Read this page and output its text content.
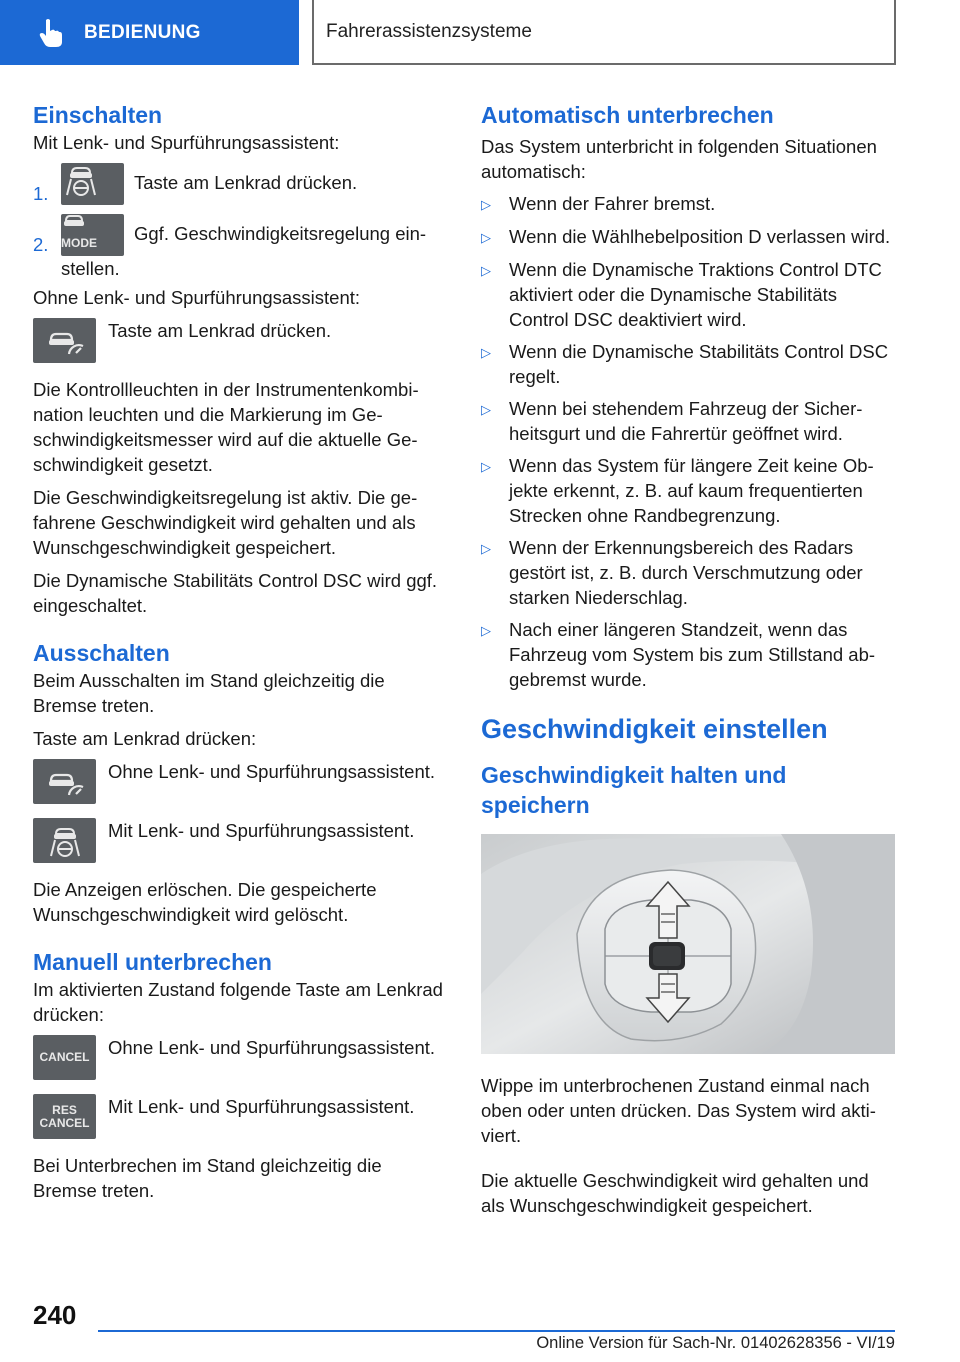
BEDIENUNG	Fahrerassistenzsysteme
Einschalten

Mit Lenk- und Spurführungsassistent:

1.
Taste am Lenkrad drücken.
2.	MODE Ggf. Geschwindigkeitsregelung ein-
stellen.

Ohne Lenk- und Spurführungsassistent:

Taste am Lenkrad drücken.

Die Kontrollleuchten in der Instrumentenkombination leuchten und die Markierung im Geschwindigkeitsmesser wird auf die aktuelle Geschwindigkeit gesetzt.

Die Geschwindigkeitsregelung ist aktiv. Die gefahrene Geschwindigkeit wird gehalten und als Wunschgeschwindigkeit gespeichert.

Die Dynamische Stabilitäts Control DSC wird ggf. eingeschaltet.

Ausschalten

Beim Ausschalten im Stand gleichzeitig die Bremse treten.

Taste am Lenkrad drücken:

Ohne Lenk- und Spurführungsassistent.

Mit Lenk- und Spurführungsassistent.

Die Anzeigen erlöschen. Die gespeicherte Wunschgeschwindigkeit wird gelöscht.

Manuell unterbrechen

Im aktivierten Zustand folgende Taste am Lenkrad drücken:

CANCEL Ohne Lenk- und Spurführungsassistent.

RES
CANCEL

Mit Lenk- und Spurführungsassistent.

Bei Unterbrechen im Stand gleichzeitig die Bremse treten.

Automatisch unterbrechen

Das System unterbricht in folgenden Situationen automatisch:

▷ Wenn der Fahrer bremst.
▷ Wenn die Wählhebelposition D verlassen wird.
▷ Wenn die Dynamische Traktions Control DTC aktiviert oder die Dynamische Stabilitäts Control DSC deaktiviert wird.
▷ Wenn die Dynamische Stabilitäts Control DSC regelt.
▷ Wenn bei stehendem Fahrzeug der Sicherheitsgurt und die Fahrertür geöffnet wird.
▷ Wenn das System für längere Zeit keine Objekte erkennt, z. B. auf kaum frequentierten Strecken ohne Randbegrenzung.
▷ Wenn der Erkennungsbereich des Radars gestört ist, z. B. durch Verschmutzung oder starken Niederschlag.
▷ Nach einer längeren Standzeit, wenn das Fahrzeug vom System bis zum Stillstand abgebremst wurde.
Geschwindigkeit einstellen
Geschwindigkeit halten und speichern

Wippe im unterbrochenen Zustand einmal nach oben oder unten drücken. Das System wird aktiviert.

Die aktuelle Geschwindigkeit wird gehalten und als Wunschgeschwindigkeit gespeichert.

240
Online Version für Sach-Nr. 01402628356 - VI/19
